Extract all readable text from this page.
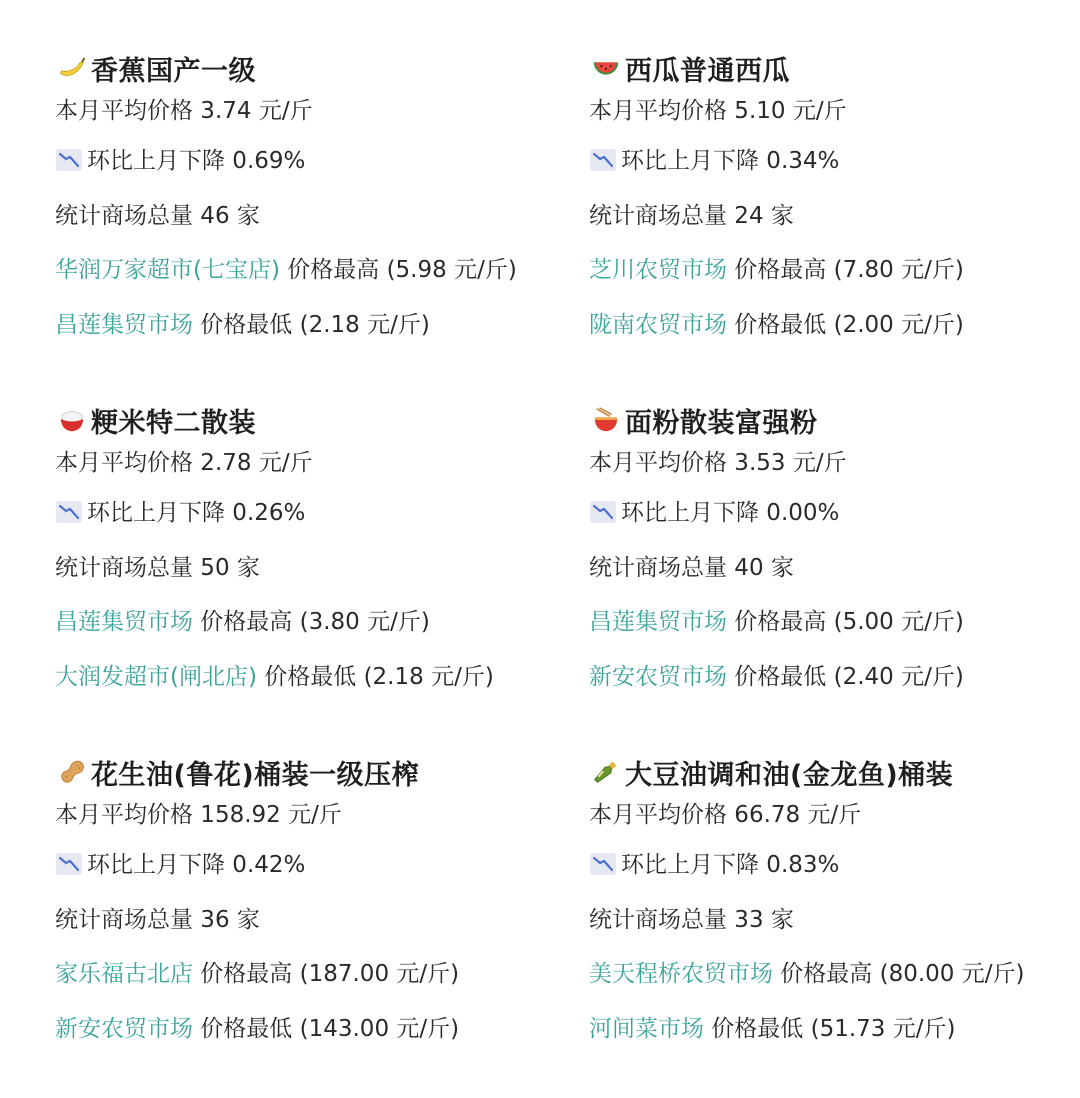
香蕉国产一级
本月平均价格 3.74 元/斤
环比上月下降 0.69%
统计商场总量 46 家
华润万家超市(七宝店) 价格最高 (5.98 元/斤)
昌莲集贸市场 价格最低 (2.18 元/斤)
西瓜普通西瓜
本月平均价格 5.10 元/斤
环比上月下降 0.34%
统计商场总量 24 家
芝川农贸市场 价格最高 (7.80 元/斤)
陇南农贸市场 价格最低 (2.00 元/斤)
粳米特二散装
本月平均价格 2.78 元/斤
环比上月下降 0.26%
统计商场总量 50 家
昌莲集贸市场 价格最高 (3.80 元/斤)
大润发超市(闸北店) 价格最低 (2.18 元/斤)
面粉散装富强粉
本月平均价格 3.53 元/斤
环比上月下降 0.00%
统计商场总量 40 家
昌莲集贸市场 价格最高 (5.00 元/斤)
新安农贸市场 价格最低 (2.40 元/斤)
花生油(鲁花)桶装一级压榨
本月平均价格 158.92 元/斤
环比上月下降 0.42%
统计商场总量 36 家
家乐福古北店 价格最高 (187.00 元/斤)
新安农贸市场 价格最低 (143.00 元/斤)
大豆油调和油(金龙鱼)桶装
本月平均价格 66.78 元/斤
环比上月下降 0.83%
统计商场总量 33 家
美天程桥农贸市场 价格最高 (80.00 元/斤)
河间菜市场 价格最低 (51.73 元/斤)
